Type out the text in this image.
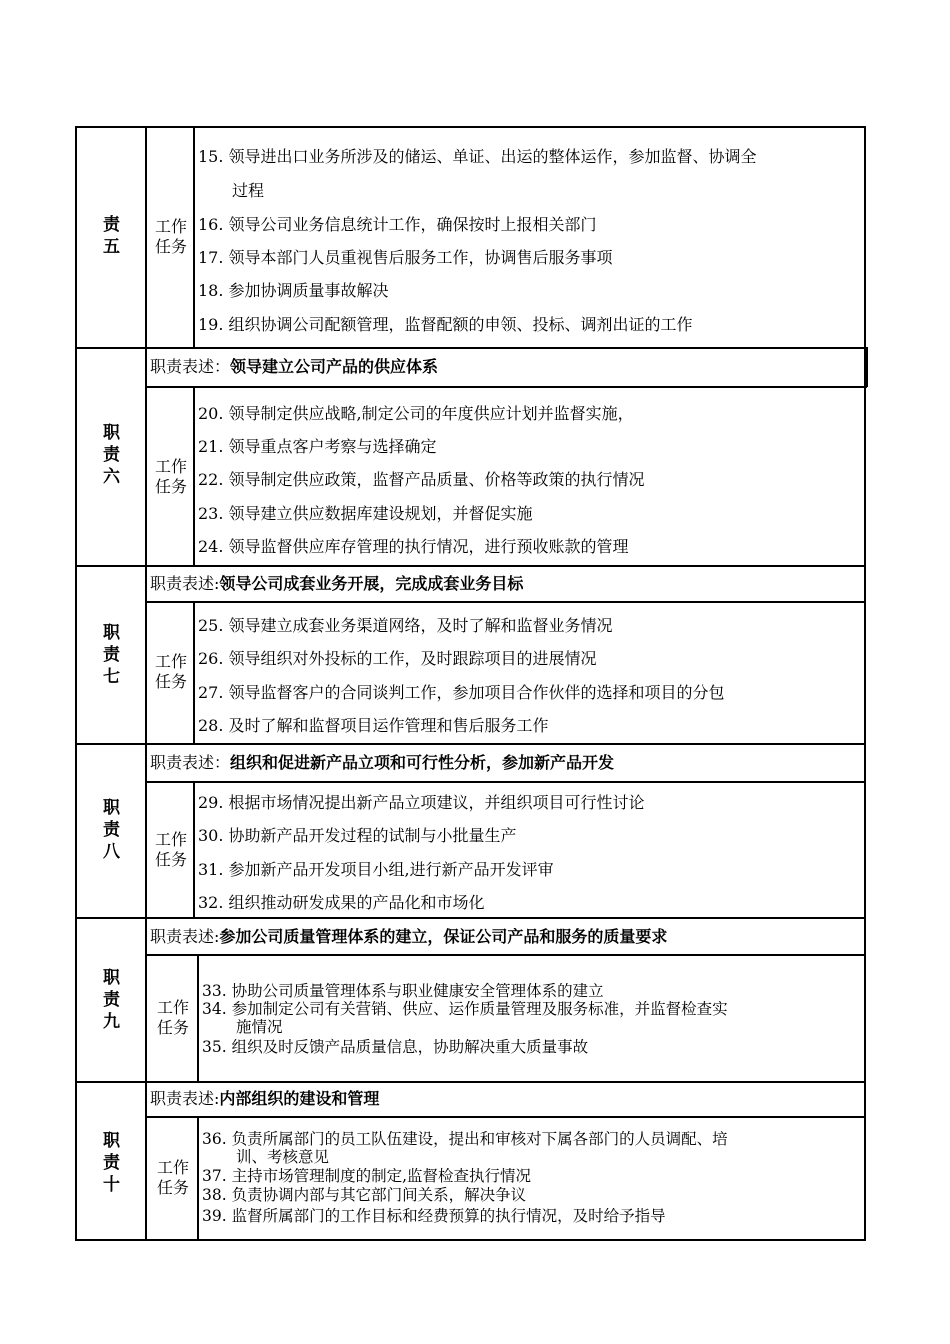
责
五
工作
任务
15. 领导进出口业务所涉及的储运、单证、出运的整体运作，参加监督、协调全
过程
16. 领导公司业务信息统计工作，确保按时上报相关部门
17. 领导本部门人员重视售后服务工作，协调售后服务事项
18. 参加协调质量事故解决
19. 组织协调公司配额管理，监督配额的申领、投标、调剂出证的工作
职
责
六
职责表述：领导建立公司产品的供应体系
工作
任务
20. 领导制定供应战略,制定公司的年度供应计划并监督实施，
21. 领导重点客户考察与选择确定
22. 领导制定供应政策，监督产品质量、价格等政策的执行情况
23. 领导建立供应数据库建设规划，并督促实施
24. 领导监督供应库存管理的执行情况，进行预收账款的管理
职
责
七
职责表述:领导公司成套业务开展，完成成套业务目标
工作
任务
25. 领导建立成套业务渠道网络，及时了解和监督业务情况
26. 领导组织对外投标的工作，及时跟踪项目的进展情况
27. 领导监督客户的合同谈判工作，参加项目合作伙伴的选择和项目的分包
28. 及时了解和监督项目运作管理和售后服务工作
职
责
八
职责表述：组织和促进新产品立项和可行性分析，参加新产品开发
工作
任务
29. 根据市场情况提出新产品立项建议，并组织项目可行性讨论
30. 协助新产品开发过程的试制与小批量生产
31. 参加新产品开发项目小组,进行新产品开发评审
32. 组织推动研发成果的产品化和市场化
职
责
九
职责表述:参加公司质量管理体系的建立，保证公司产品和服务的质量要求
工作
任务
33. 协助公司质量管理体系与职业健康安全管理体系的建立
34. 参加制定公司有关营销、供应、运作质量管理及服务标准，并监督检查实
施情况
35. 组织及时反馈产品质量信息，协助解决重大质量事故
职
责
十
职责表述:内部组织的建设和管理
工作
任务
36. 负责所属部门的员工队伍建设，提出和审核对下属各部门的人员调配、培
训、考核意见
37. 主持市场管理制度的制定,监督检查执行情况
38. 负责协调内部与其它部门间关系，解决争议
39. 监督所属部门的工作目标和经费预算的执行情况，及时给予指导
